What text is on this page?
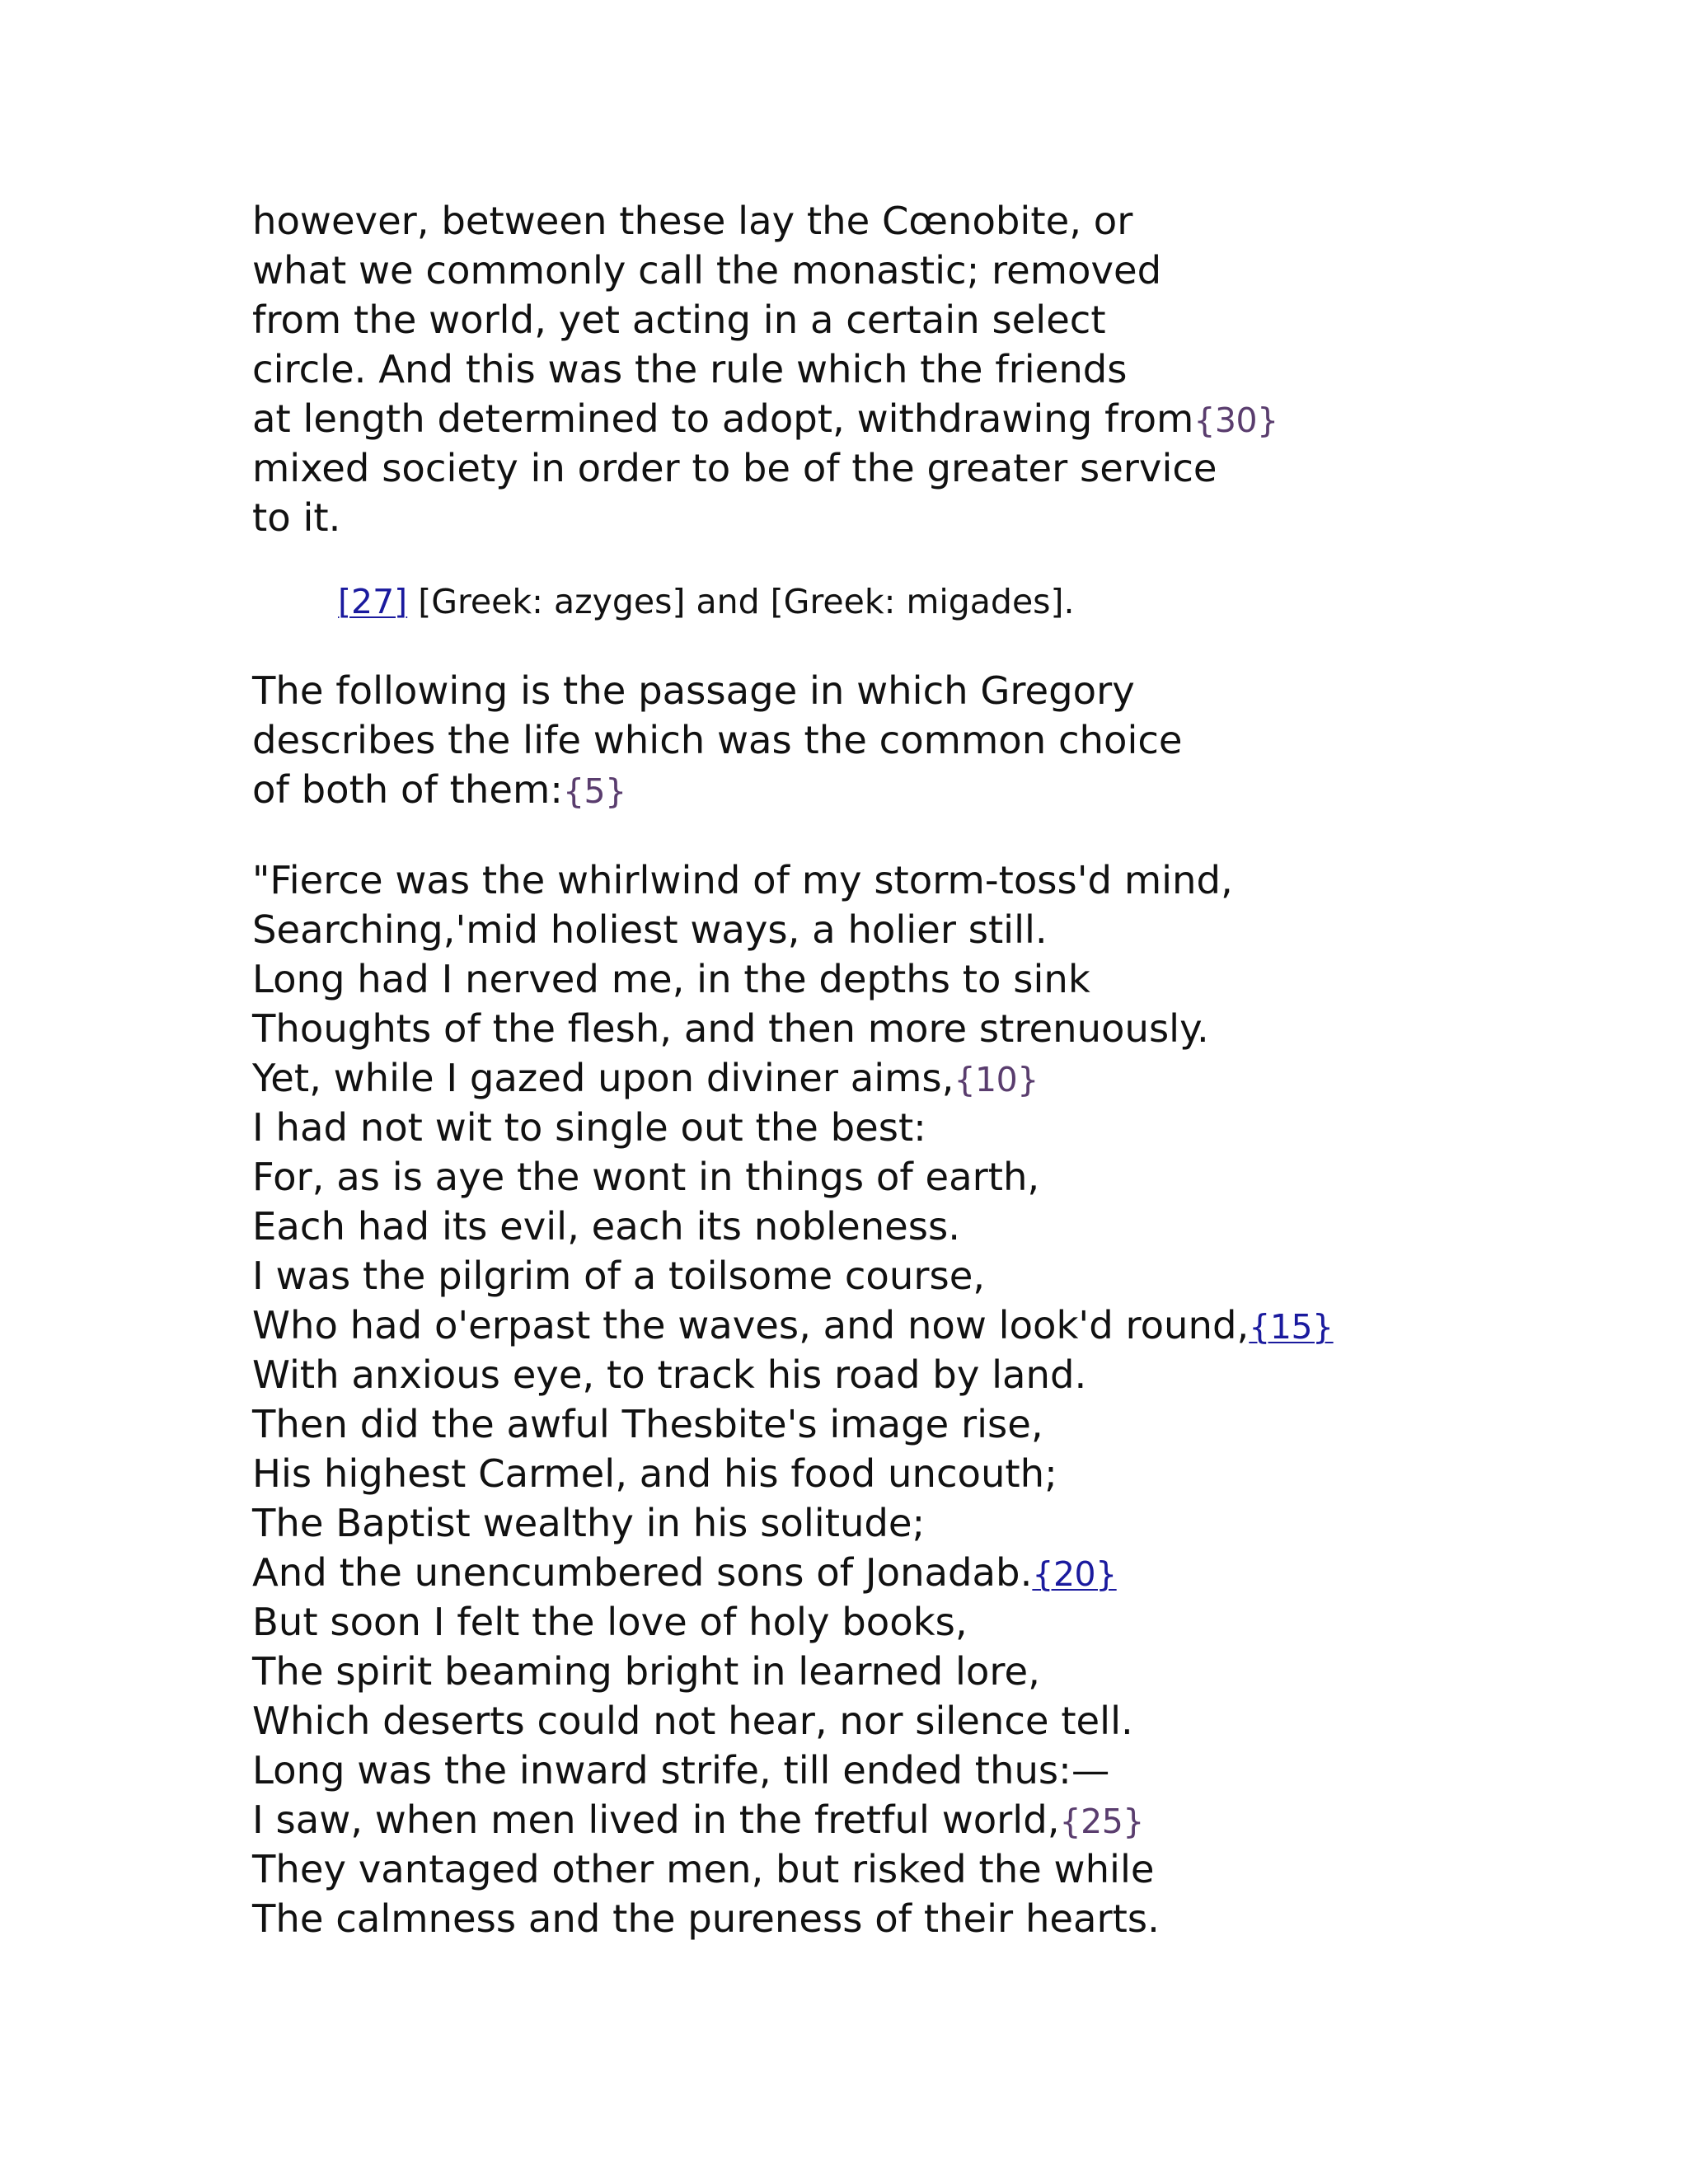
however, between these lay the Cœnobite, or
what we commonly call the monastic; removed
from the world, yet acting in a certain select
circle. And this was the rule which the friends
at length determined to adopt, withdrawing from{30}
mixed society in order to be of the greater service
to it.
[27] [Greek: azyges] and [Greek: migades].
The following is the passage in which Gregory
describes the life which was the common choice
of both of them:{5}
"Fierce was the whirlwind of my storm-toss'd mind,
Searching,'mid holiest ways, a holier still.
Long had I nerved me, in the depths to sink
Thoughts of the flesh, and then more strenuously.
Yet, while I gazed upon diviner aims,{10}
I had not wit to single out the best:
For, as is aye the wont in things of earth,
Each had its evil, each its nobleness.
I was the pilgrim of a toilsome course,
Who had o'erpast the waves, and now look'd round,{15}
With anxious eye, to track his road by land.
Then did the awful Thesbite's image rise,
His highest Carmel, and his food uncouth;
The Baptist wealthy in his solitude;
And the unencumbered sons of Jonadab.{20}
But soon I felt the love of holy books,
The spirit beaming bright in learned lore,
Which deserts could not hear, nor silence tell.
Long was the inward strife, till ended thus:—
I saw, when men lived in the fretful world,{25}
They vantaged other men, but risked the while
The calmness and the pureness of their hearts.
